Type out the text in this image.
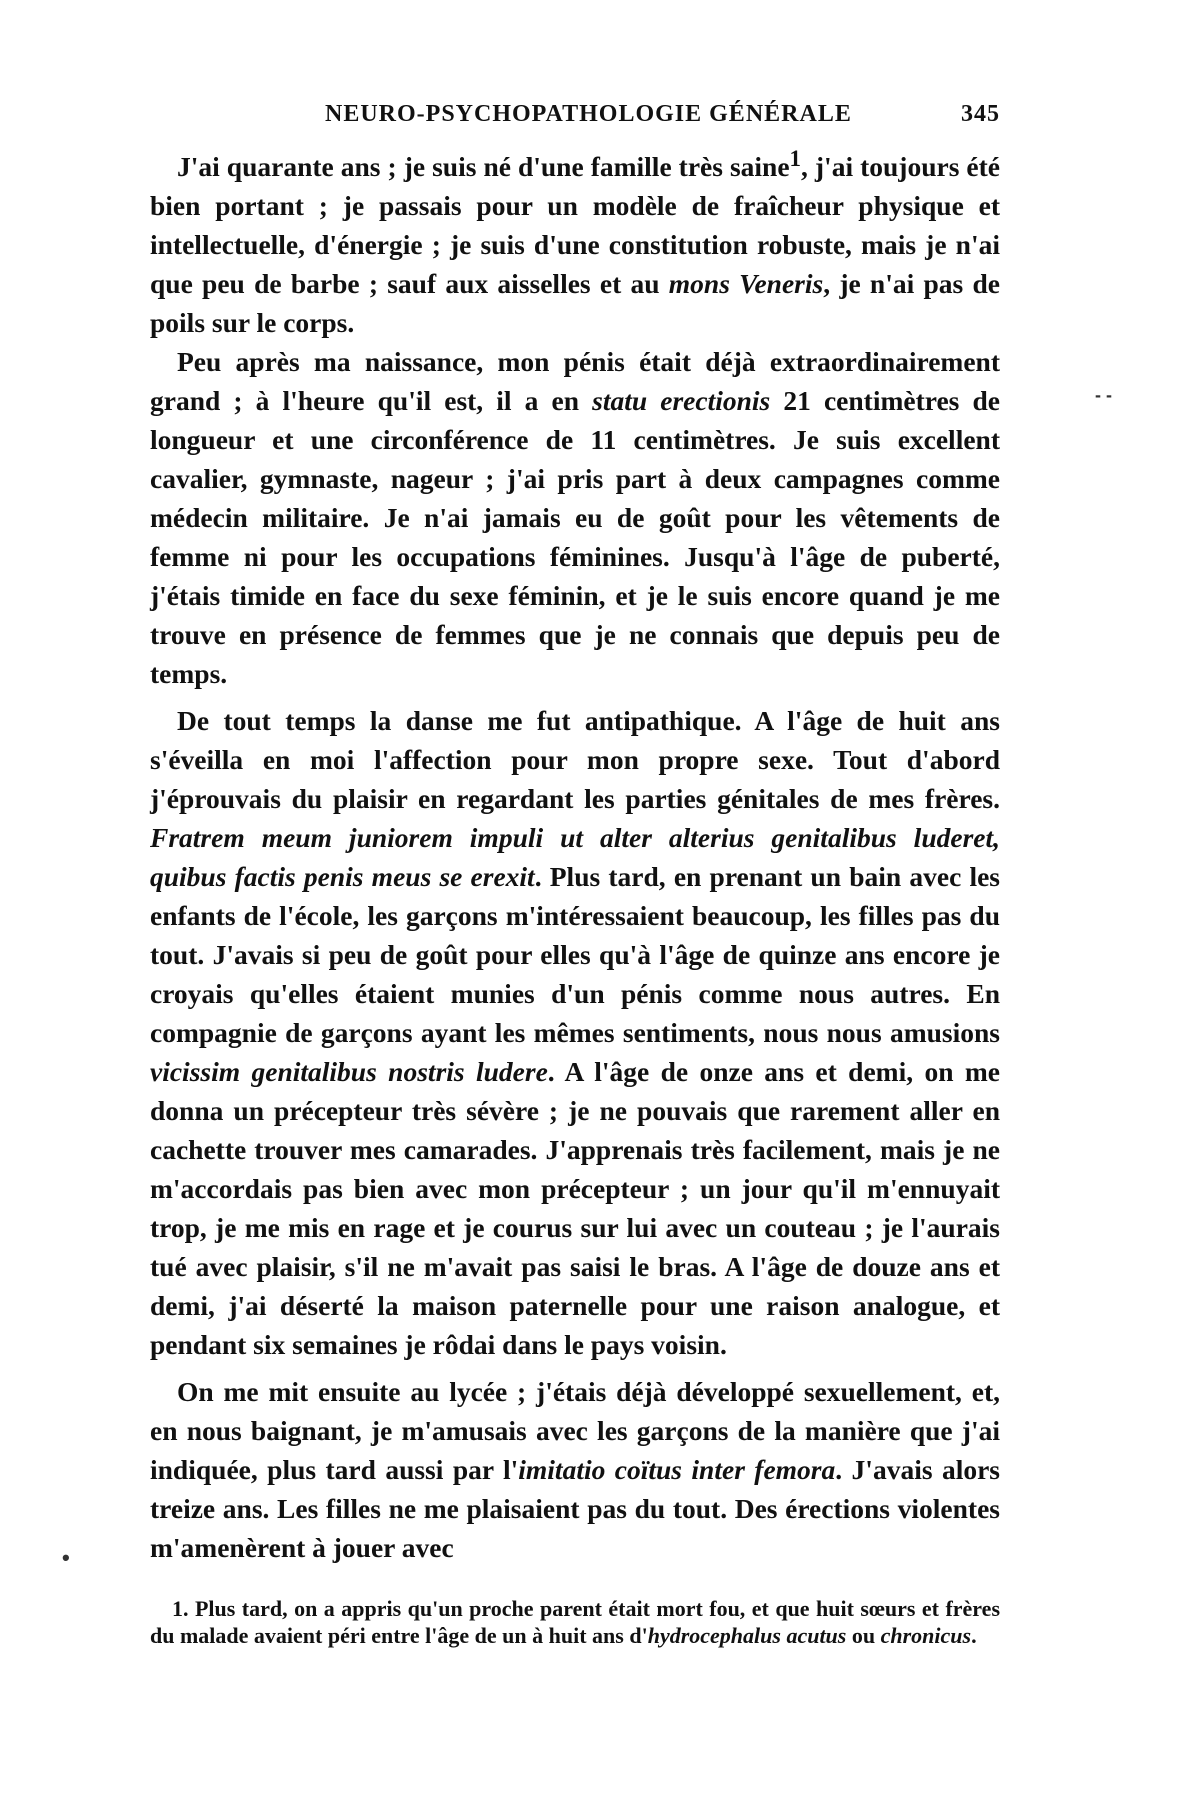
NEURO-PSYCHOPATHOLOGIE GÉNÉRALE	345

J'ai quarante ans ; je suis né d'une famille très saine$^1$, j'ai toujours été bien portant ; je passais pour un modèle de fraîcheur physique et intellectuelle, d'énergie ; je suis d'une constitution robuste, mais je n'ai que peu de barbe ; sauf aux aisselles et au mons Veneris, je n'ai pas de poils sur le corps.

Peu après ma naissance, mon pénis était déjà extraordinairement grand ; à l'heure qu'il est, il a en statu erectionis 21 centimètres de longueur et une circonférence de 11 centimètres. Je suis excellent cavalier, gymnaste, nageur ; j'ai pris part à deux campagnes comme médecin militaire. Je n'ai jamais eu de goût pour les vêtements de femme ni pour les occupations féminines. Jusqu'à l'âge de puberté, j'étais timide en face du sexe féminin, et je le suis encore quand je me trouve en présence de femmes que je ne connais que depuis peu de temps.

De tout temps la danse me fut antipathique. A l'âge de huit ans s'éveilla en moi l'affection pour mon propre sexe. Tout d'abord j'éprouvais du plaisir en regardant les parties génitales de mes frères. Fratrem meum juniorem impuli ut alter alterius genitalibus luderet, quibus factis penis meus se erexit. Plus tard, en prenant un bain avec les enfants de l'école, les garçons m'intéressaient beaucoup, les filles pas du tout. J'avais si peu de goût pour elles qu'à l'âge de quinze ans encore je croyais qu'elles étaient munies d'un pénis comme nous autres. En compagnie de garçons ayant les mêmes sentiments, nous nous amusions vicissim genitalibus nostris ludere. A l'âge de onze ans et demi, on me donna un précepteur très sévère ; je ne pouvais que rarement aller en cachette trouver mes camarades. J'apprenais très facilement, mais je ne m'accordais pas bien avec mon précepteur ; un jour qu'il m'ennuyait trop, je me mis en rage et je courus sur lui avec un couteau ; je l'aurais tué avec plaisir, s'il ne m'avait pas saisi le bras. A l'âge de douze ans et demi, j'ai déserté la maison paternelle pour une raison analogue, et pendant six semaines je rôdai dans le pays voisin.

On me mit ensuite au lycée ; j'étais déjà développé sexuellement, et, en nous baignant, je m'amusais avec les garçons de la manière que j'ai indiquée, plus tard aussi par l'imitatio coïtus inter femora. J'avais alors treize ans. Les filles ne me plaisaient pas du tout. Des érections violentes m'amenèrent à jouer avec

1. Plus tard, on a appris qu'un proche parent était mort fou, et que huit sœurs et frères du malade avaient péri entre l'âge de un à huit ans d'hydrocephalus acutus ou chronicus.

- -
•
